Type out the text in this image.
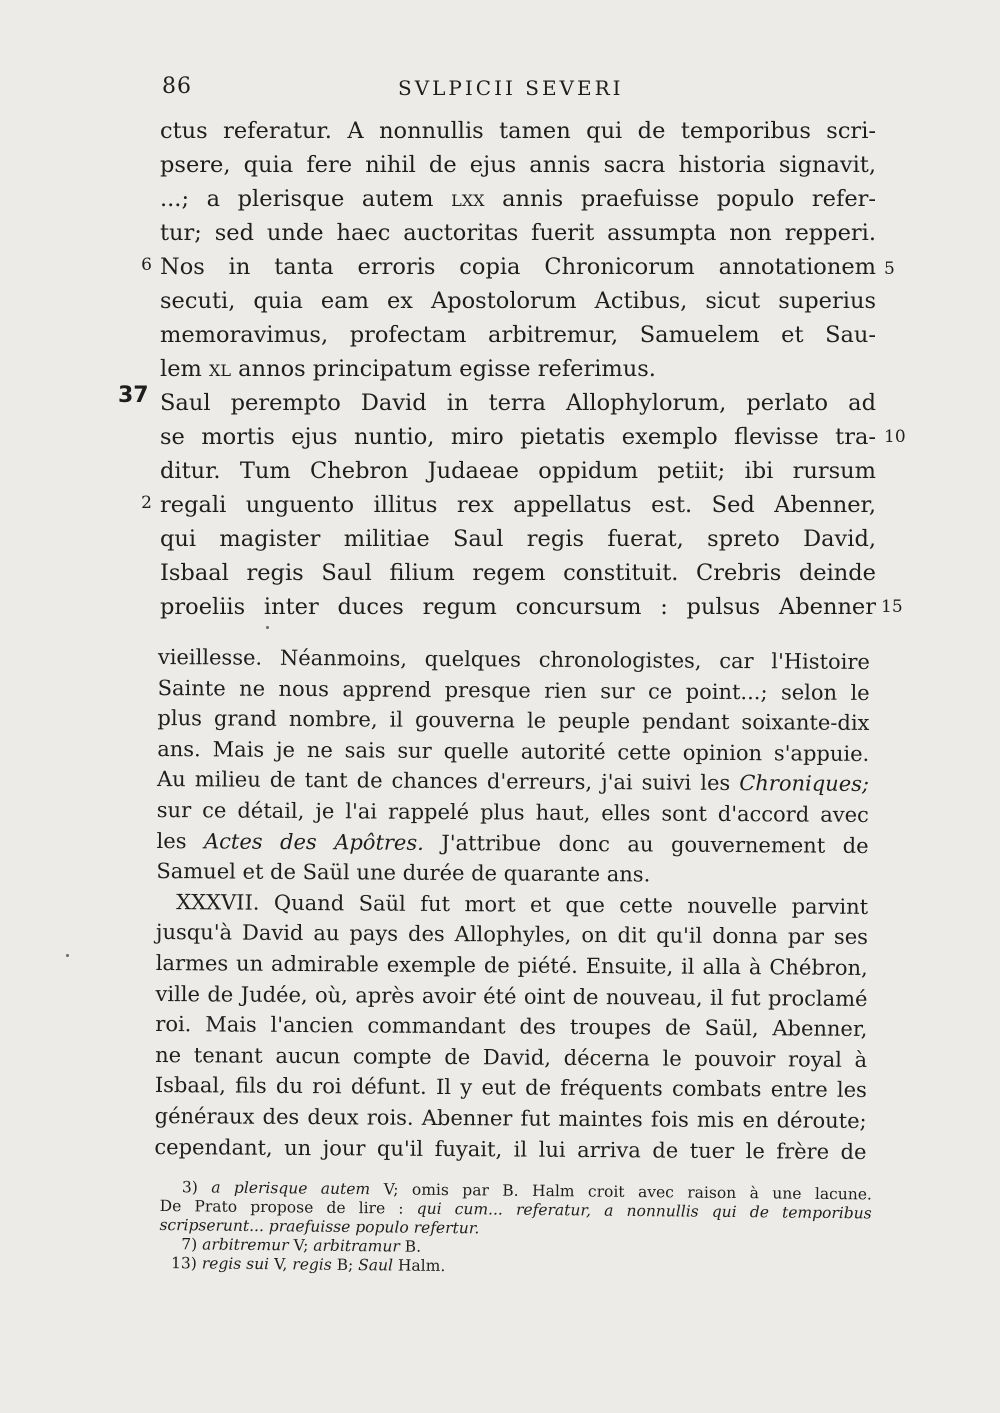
86	SVLPICII SEVERI
ctus referatur. A nonnullis tamen qui de temporibus scri-
psere, quia fere nihil de ejus annis sacra historia signavit,
...; a plerisque autem lxx annis praefuisse populo refer-
tur; sed unde haec auctoritas fuerit assumpta non repperi.
Nos in tanta erroris copia Chronicorum annotationem
secuti, quia eam ex Apostolorum Actibus, sicut superius
memoravimus, profectam arbitremur, Samuelem et Sau-
lem xl annos principatum egisse referimus.
Saul perempto David in terra Allophylorum, perlato ad
se mortis ejus nuntio, miro pietatis exemplo flevisse tra-
ditur. Tum Chebron Judaeae oppidum petiit; ibi rursum
regali unguento illitus rex appellatus est. Sed Abenner,
qui magister militiae Saul regis fuerat, spreto David,
Isbaal regis Saul filium regem constituit. Crebris deinde
proeliis inter duces regum concursum : pulsus Abenner
6
2
37
5
10
15
vieillesse. Néanmoins, quelques chronologistes, car l'Histoire
Sainte ne nous apprend presque rien sur ce point...; selon le
plus grand nombre, il gouverna le peuple pendant soixante-dix
ans. Mais je ne sais sur quelle autorité cette opinion s'appuie.
Au milieu de tant de chances d'erreurs, j'ai suivi les Chroniques;
sur ce détail, je l'ai rappelé plus haut, elles sont d'accord avec
les Actes des Apôtres. J'attribue donc au gouvernement de
Samuel et de Saül une durée de quarante ans.
XXXVII. Quand Saül fut mort et que cette nouvelle parvint
jusqu'à David au pays des Allophyles, on dit qu'il donna par ses
larmes un admirable exemple de piété. Ensuite, il alla à Chébron,
ville de Judée, où, après avoir été oint de nouveau, il fut proclamé
roi. Mais l'ancien commandant des troupes de Saül, Abenner,
ne tenant aucun compte de David, décerna le pouvoir royal à
Isbaal, fils du roi défunt. Il y eut de fréquents combats entre les
généraux des deux rois. Abenner fut maintes fois mis en déroute;
cependant, un jour qu'il fuyait, il lui arriva de tuer le frère de
3) a plerisque autem V; omis par B. Halm croit avec raison à une lacune.
De Prato propose de lire : qui cum... referatur, a nonnullis qui de temporibus
scripserunt... praefuisse populo refertur.
7) arbitremur V; arbitramur B.
13) regis sui V, regis B; Saul Halm.
